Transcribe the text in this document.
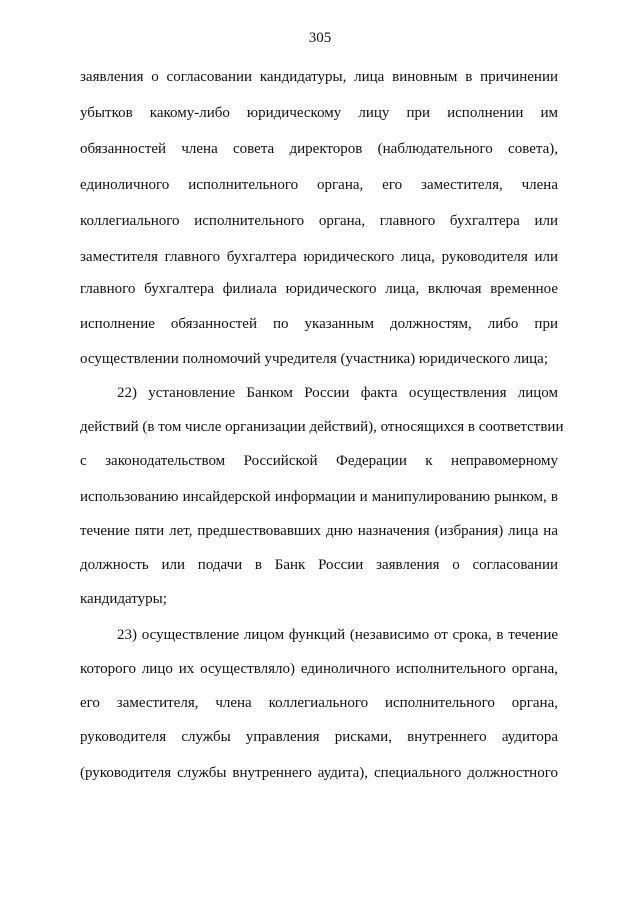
305
заявления о согласовании кандидатуры, лица виновным в причинении
убытков какому-либо юридическому лицу при исполнении им
обязанностей члена совета директоров (наблюдательного совета),
единоличного исполнительного органа, его заместителя, члена
коллегиального исполнительного органа, главного бухгалтера или
заместителя главного бухгалтера юридического лица, руководителя или
главного бухгалтера филиала юридического лица, включая временное
исполнение обязанностей по указанным должностям, либо при
осуществлении полномочий учредителя (участника) юридического лица;
22) установление Банком России факта осуществления лицом
действий (в том числе организации действий), относящихся в соответствии
с законодательством Российской Федерации к неправомерному
использованию инсайдерской информации и манипулированию рынком, в
течение пяти лет, предшествовавших дню назначения (избрания) лица на
должность или подачи в Банк России заявления о согласовании
кандидатуры;
23) осуществление лицом функций (независимо от срока, в течение
которого лицо их осуществляло) единоличного исполнительного органа,
его заместителя, члена коллегиального исполнительного органа,
руководителя службы управления рисками, внутреннего аудитора
(руководителя службы внутреннего аудита), специального должностного
